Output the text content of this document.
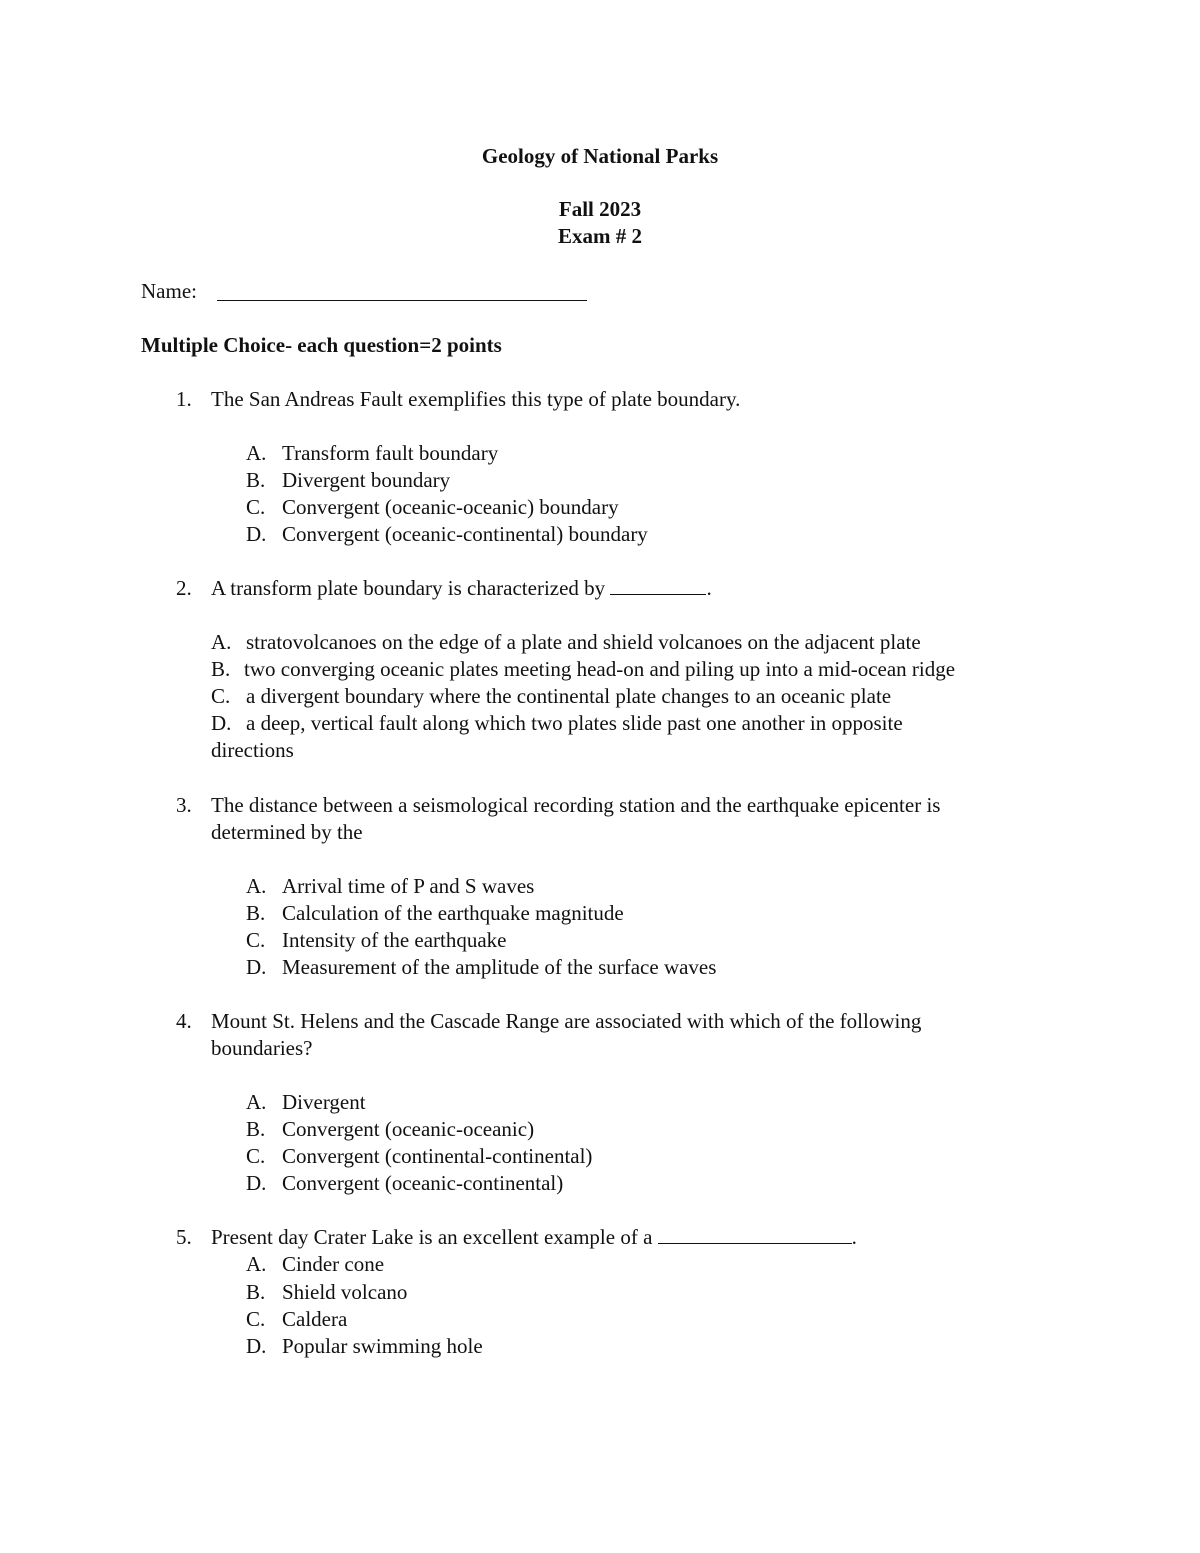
Geology of National Parks
Fall 2023
Exam # 2
Name:
Multiple Choice- each question=2 points
1. The San Andreas Fault exemplifies this type of plate boundary.
A. Transform fault boundary
B. Divergent boundary
C. Convergent (oceanic-oceanic) boundary
D. Convergent (oceanic-continental) boundary
2. A transform plate boundary is characterized by	.
A. stratovolcanoes on the edge of a plate and shield volcanoes on the adjacent plate
B. two converging oceanic plates meeting head-on and piling up into a mid-ocean ridge
C. a divergent boundary where the continental plate changes to an oceanic plate
D. a deep, vertical fault along which two plates slide past one another in opposite
directions
3. The distance between a seismological recording station and the earthquake epicenter is
determined by the
A. Arrival time of P and S waves
B. Calculation of the earthquake magnitude
C. Intensity of the earthquake
D. Measurement of the amplitude of the surface waves
4. Mount St. Helens and the Cascade Range are associated with which of the following
boundaries?
A. Divergent
B. Convergent (oceanic-oceanic)
C. Convergent (continental-continental)
D. Convergent (oceanic-continental)
5. Present day Crater Lake is an excellent example of a	.
A. Cinder cone
B. Shield volcano
C. Caldera
D. Popular swimming hole
